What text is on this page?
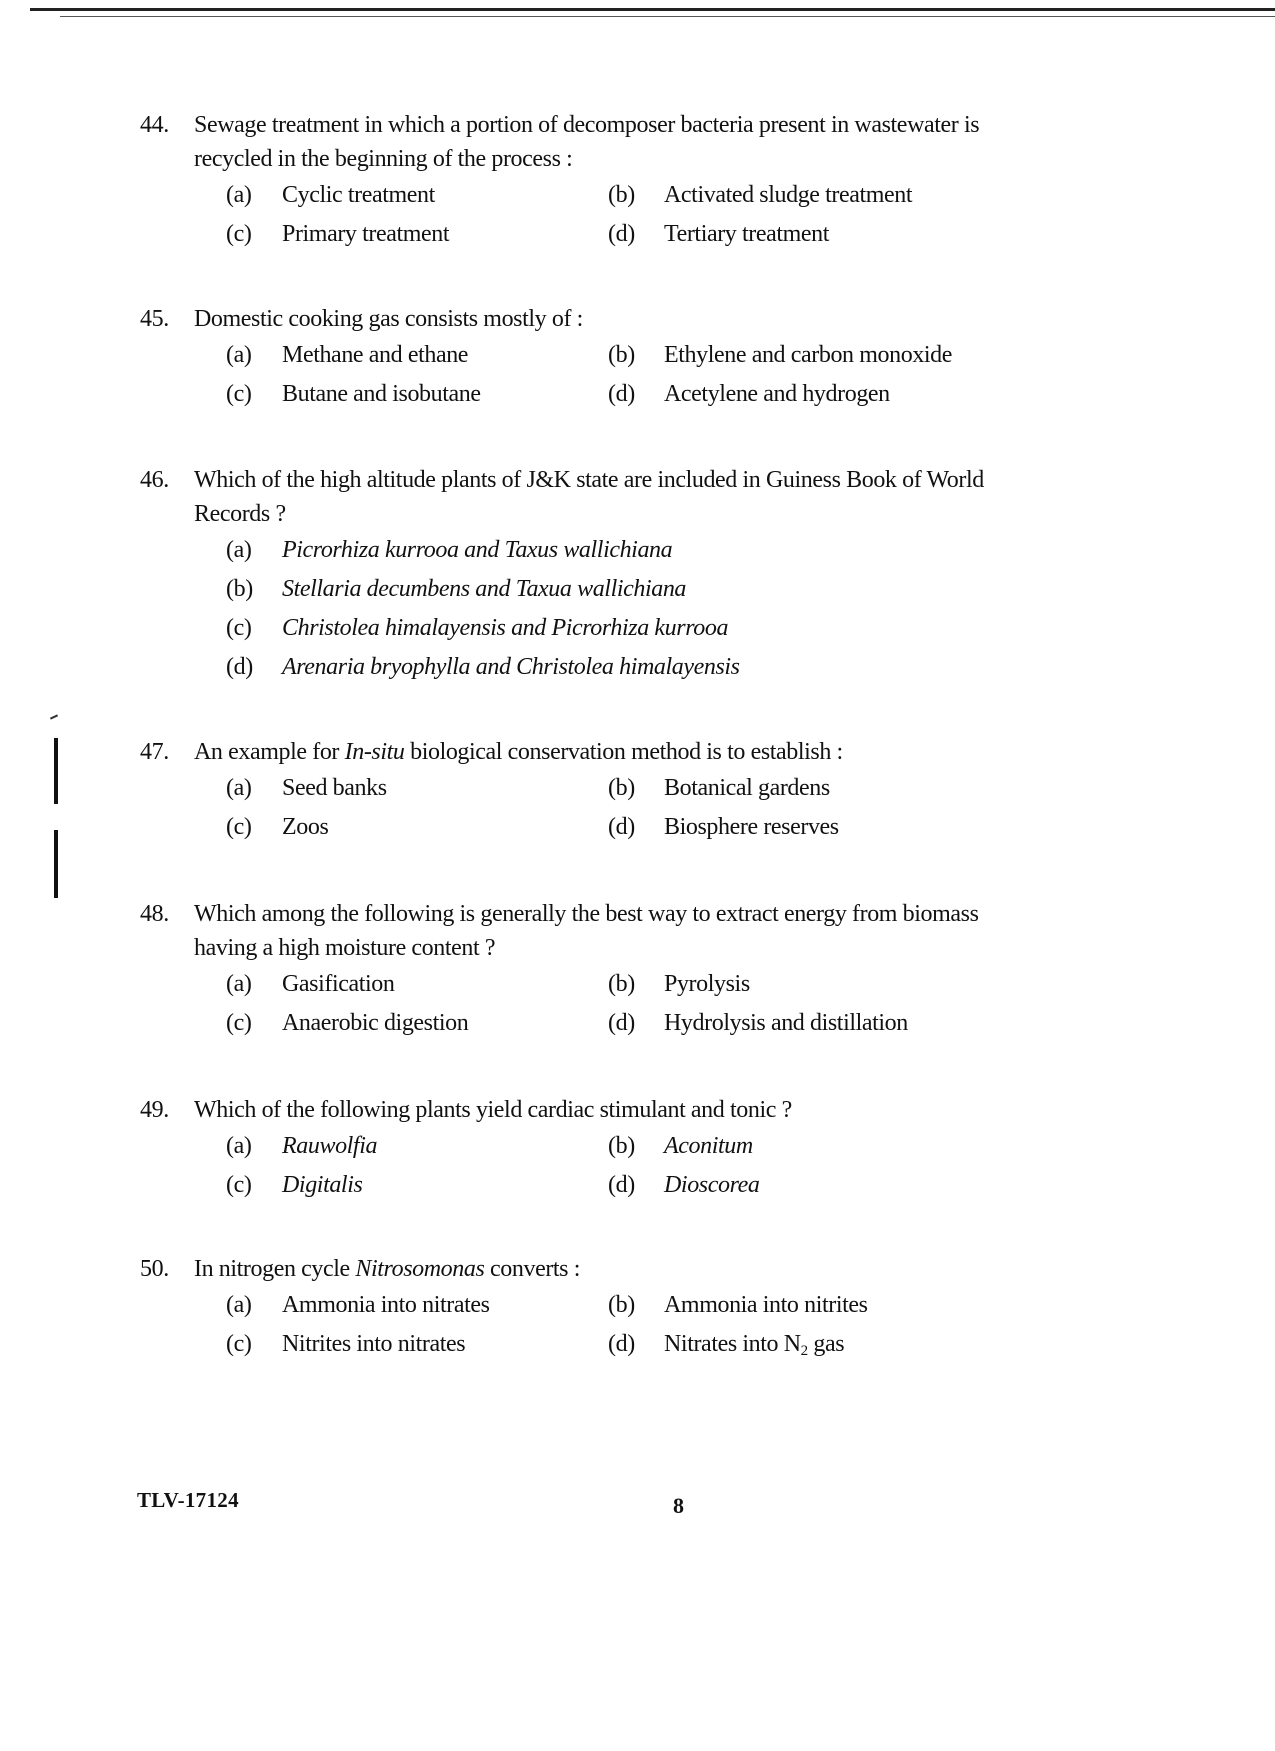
44. Sewage treatment in which a portion of decomposer bacteria present in wastewater is
recycled in the beginning of the process :
(a) Cyclic treatment	(b) Activated sludge treatment
(c) Primary treatment	(d) Tertiary treatment
45. Domestic cooking gas consists mostly of :
(a) Methane and ethane	(b) Ethylene and carbon monoxide
(c) Butane and isobutane	(d) Acetylene and hydrogen
46. Which of the high altitude plants of J&K state are included in Guiness Book of World
Records ?
(a) Picrorhiza kurrooa and Taxus wallichiana
(b) Stellaria decumbens and Taxua wallichiana
(c) Christolea himalayensis and Picrorhiza kurrooa
(d) Arenaria bryophylla and Christolea himalayensis
47. An example for In-situ biological conservation method is to establish :
(a) Seed banks	(b) Botanical gardens
(c) Zoos	(d) Biosphere reserves
48. Which among the following is generally the best way to extract energy from biomass
having a high moisture content ?
(a) Gasification	(b) Pyrolysis
(c) Anaerobic digestion	(d) Hydrolysis and distillation
49. Which of the following plants yield cardiac stimulant and tonic ?
(a) Rauwolfia	(b) Aconitum
(c) Digitalis	(d) Dioscorea
50. In nitrogen cycle Nitrosomonas converts :
(a) Ammonia into nitrates	(b) Ammonia into nitrites
(c) Nitrites into nitrates	(d) Nitrates into $N_2$ gas
TLV-17124	8
